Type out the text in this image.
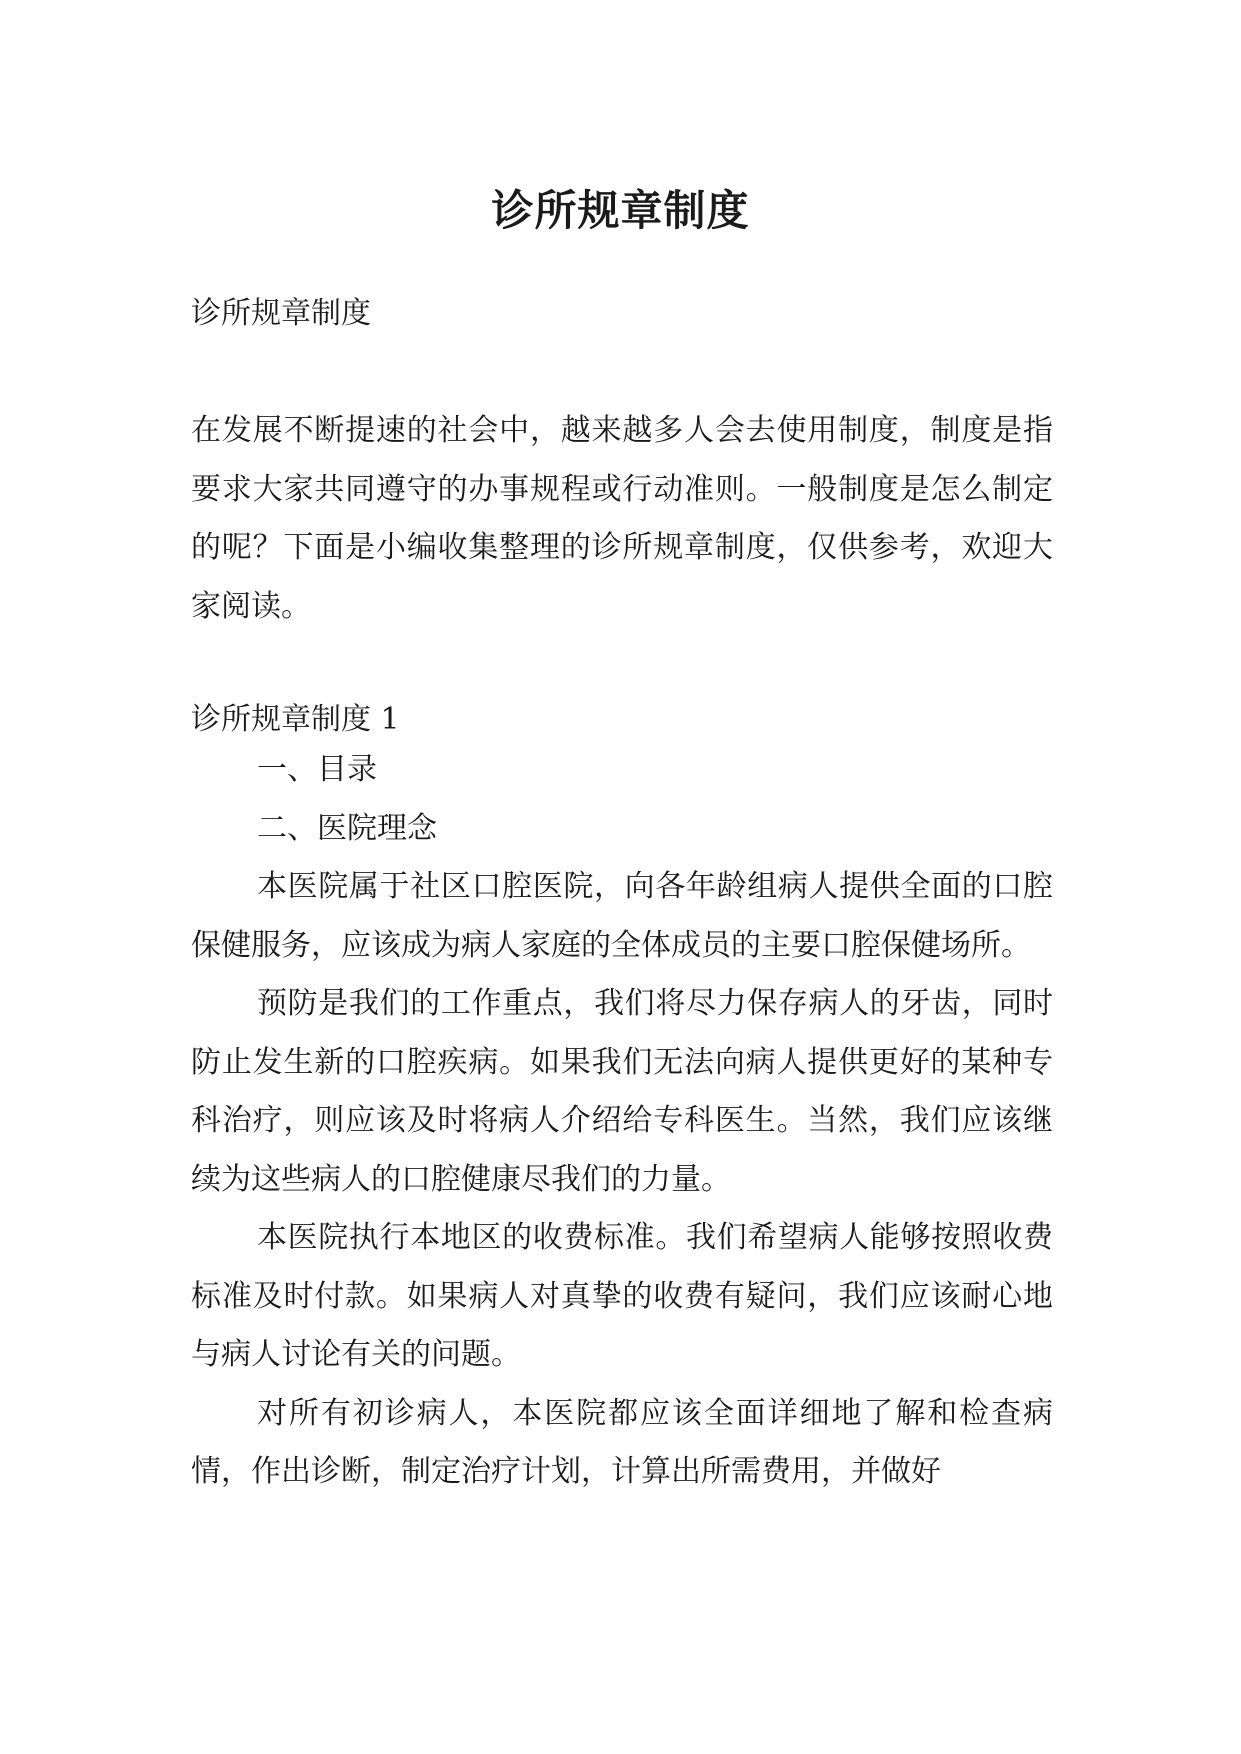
诊所规章制度
诊所规章制度

在发展不断提速的社会中，越来越多人会去使用制度，制度是指要求大家共同遵守的办事规程或行动准则。一般制度是怎么制定的呢？下面是小编收集整理的诊所规章制度，仅供参考，欢迎大家阅读。

诊所规章制度 1

一、目录

二、医院理念

本医院属于社区口腔医院，向各年龄组病人提供全面的口腔保健服务，应该成为病人家庭的全体成员的主要口腔保健场所。

预防是我们的工作重点，我们将尽力保存病人的牙齿，同时防止发生新的口腔疾病。如果我们无法向病人提供更好的某种专科治疗，则应该及时将病人介绍给专科医生。当然，我们应该继续为这些病人的口腔健康尽我们的力量。

本医院执行本地区的收费标准。我们希望病人能够按照收费标准及时付款。如果病人对真挚的收费有疑问，我们应该耐心地与病人讨论有关的问题。

对所有初诊病人，本医院都应该全面详细地了解和检查病情，作出诊断，制定治疗计划，计算出所需费用，并做好
